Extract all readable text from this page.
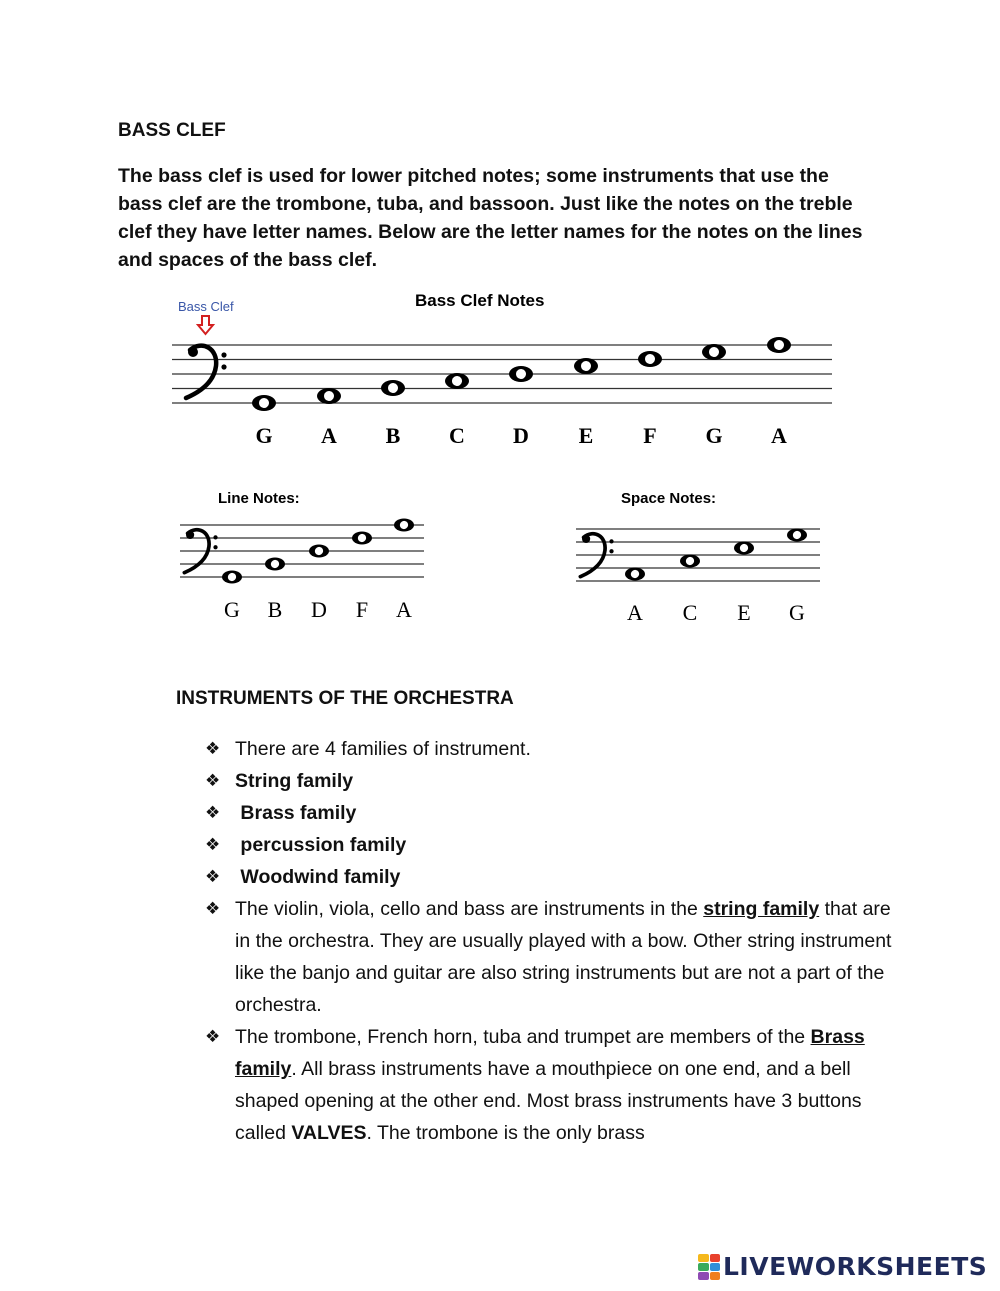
BASS CLEF

The bass clef is used for lower pitched notes; some instruments that use the bass clef are the trombone, tuba, and bassoon. Just like the notes on the treble clef they have letter names. Below are the letter names for the notes on the lines and spaces of the bass clef.

Bass Clef	Bass Clef Notes
G A B C D E F G A
Line Notes:
G B D F A
Space Notes:
A C E G
INSTRUMENTS OF THE ORCHESTRA
❖ There are 4 families of instrument.
❖ String family
❖ Brass family
❖ percussion family
❖ Woodwind family
❖ The violin, viola, cello and bass are instruments in the string family that are in the orchestra. They are usually played with a bow. Other string instrument like the banjo and guitar are also string instruments but are not a part of the orchestra.
❖ The trombone, French horn, tuba and trumpet are members of the Brass family. All brass instruments have a mouthpiece on one end, and a bell shaped opening at the other end. Most brass instruments have 3 buttons called VALVES. The trombone is the only brass
LIVEWORKSHEETS
